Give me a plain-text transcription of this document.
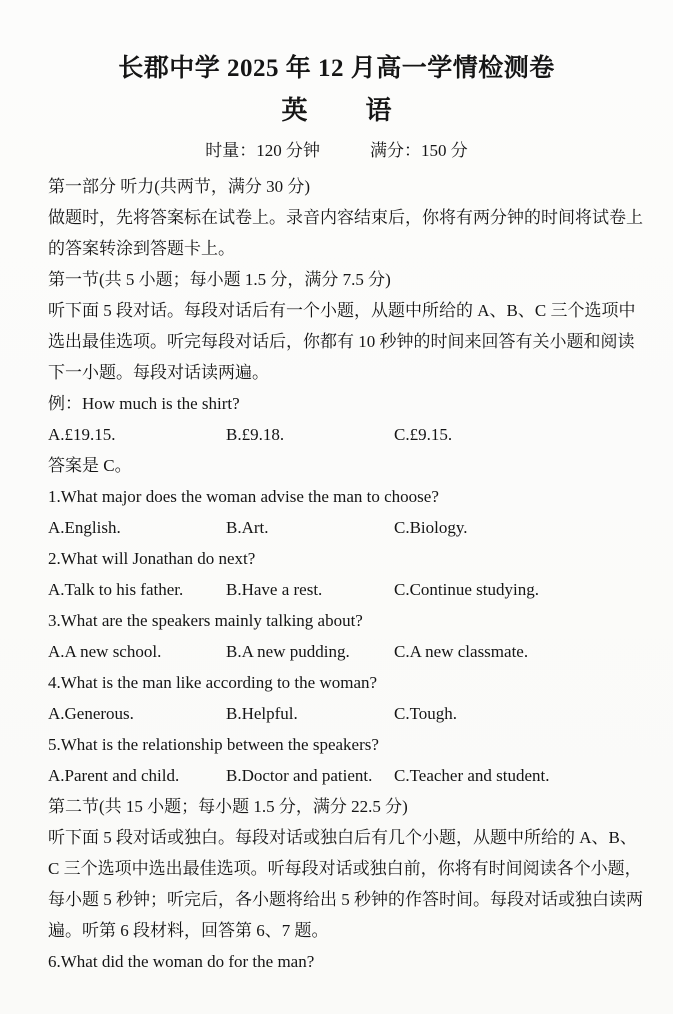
长郡中学 2025 年 12 月高一学情检测卷
英 语
时量：120 分钟	满分：150 分
第一部分 听力(共两节，满分 30 分)
做题时，先将答案标在试卷上。录音内容结束后，你将有两分钟的时间将试卷上
的答案转涂到答题卡上。
第一节(共 5 小题；每小题 1.5 分，满分 7.5 分)
听下面 5 段对话。每段对话后有一个小题，从题中所给的 A、B、C 三个选项中
选出最佳选项。听完每段对话后，你都有 10 秒钟的时间来回答有关小题和阅读
下一小题。每段对话读两遍。
例：How much is the shirt?
A.£19.15.	B.£9.18.	C.£9.15.
答案是 C。
1.What major does the woman advise the man to choose?
A.English.	B.Art.	C.Biology.
2.What will Jonathan do next?
A.Talk to his father.	B.Have a rest.	C.Continue studying.
3.What are the speakers mainly talking about?
A.A new school.	B.A new pudding.	C.A new classmate.
4.What is the man like according to the woman?
A.Generous.	B.Helpful.	C.Tough.
5.What is the relationship between the speakers?
A.Parent and child.	B.Doctor and patient.	C.Teacher and student.
第二节(共 15 小题；每小题 1.5 分，满分 22.5 分)
听下面 5 段对话或独白。每段对话或独白后有几个小题，从题中所给的 A、B、
C 三个选项中选出最佳选项。听每段对话或独白前，你将有时间阅读各个小题，
每小题 5 秒钟；听完后，各小题将给出 5 秒钟的作答时间。每段对话或独白读两
遍。听第 6 段材料，回答第 6、7 题。
6.What did the woman do for the man?
